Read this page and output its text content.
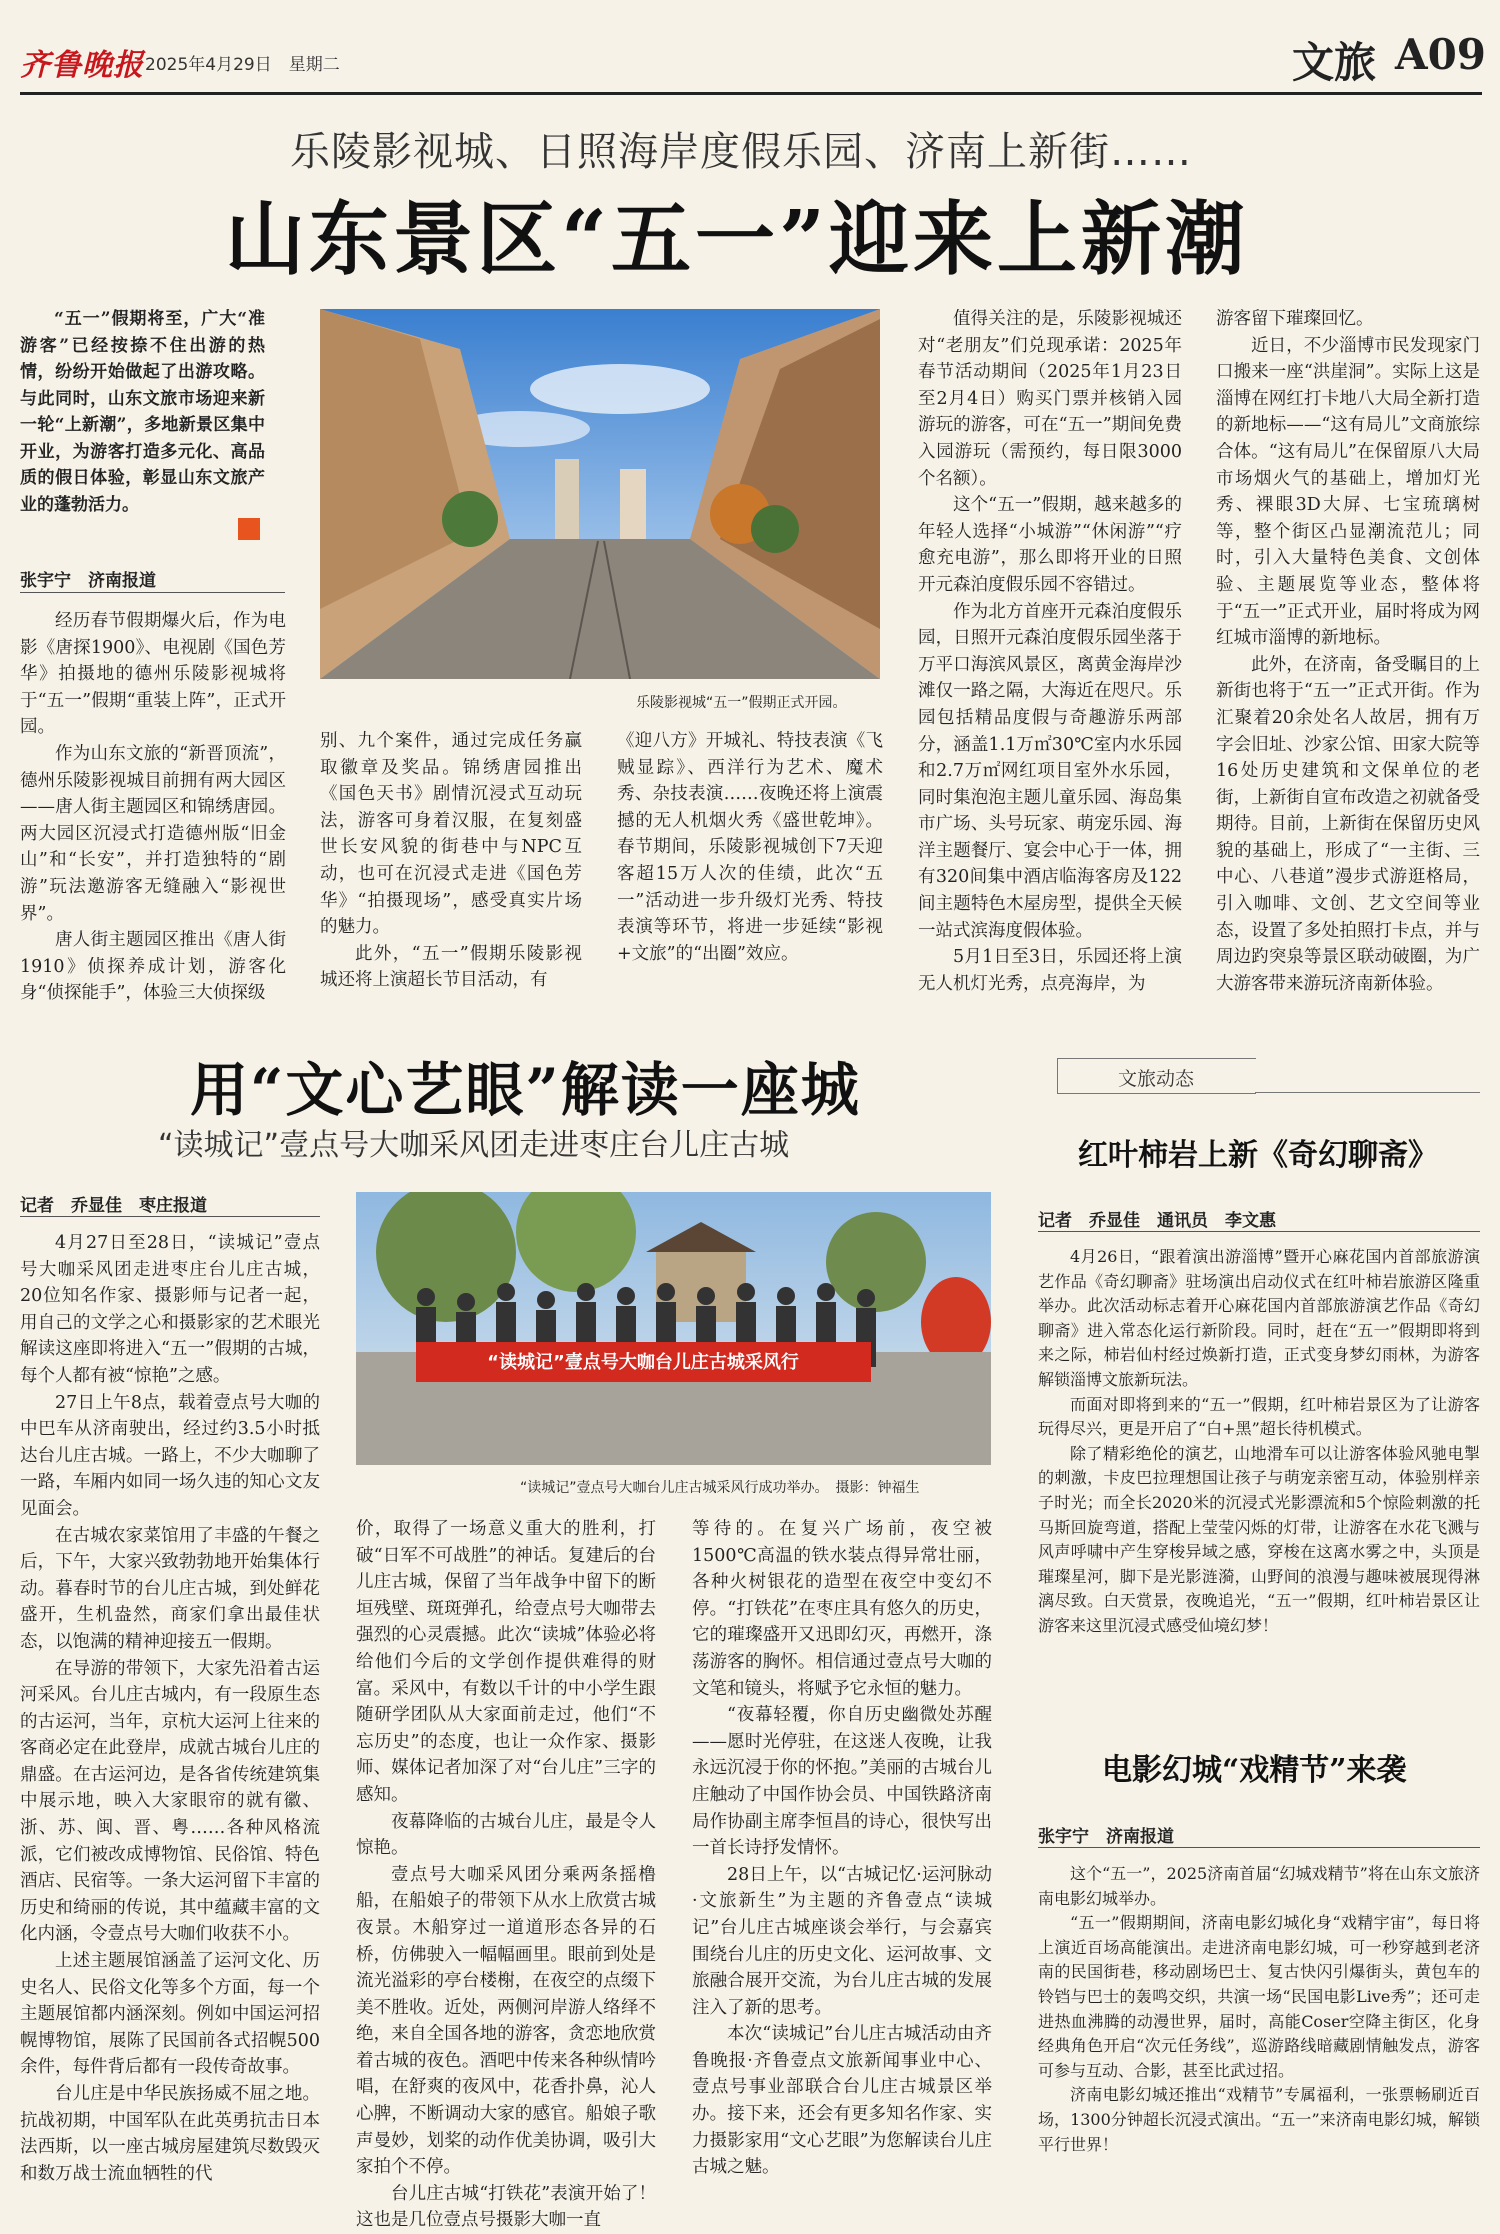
齐鲁晚报 2025年4月29日　星期二	文旅 A09
乐陵影视城、日照海岸度假乐园、济南上新街……
山东景区“五一”迎来上新潮
“五一”假期将至，广大“准游客”已经按捺不住出游的热情，纷纷开始做起了出游攻略。与此同时，山东文旅市场迎来新一轮“上新潮”，多地新景区集中开业，为游客打造多元化、高品质的假日体验，彰显山东文旅产业的蓬勃活力。
张宇宁　济南报道

经历春节假期爆火后，作为电影《唐探1900》、电视剧《国色芳华》拍摄地的德州乐陵影视城将于“五一”假期“重装上阵”，正式开园。

作为山东文旅的“新晋顶流”，德州乐陵影视城目前拥有两大园区——唐人街主题园区和锦绣唐园。两大园区沉浸式打造德州版“旧金山”和“长安”，并打造独特的“剧游”玩法邀游客无缝融入“影视世界”。

唐人街主题园区推出《唐人街1910》侦探养成计划，游客化身“侦探能手”，体验三大侦探级

乐陵影视城“五一”假期正式开园。

别、九个案件，通过完成任务赢取徽章及奖品。锦绣唐园推出《国色天书》剧情沉浸式互动玩法，游客可身着汉服，在复刻盛世长安风貌的街巷中与NPC互动，也可在沉浸式走进《国色芳华》“拍摄现场”，感受真实片场的魅力。

此外，“五一”假期乐陵影视城还将上演超长节目活动，有

《迎八方》开城礼、特技表演《飞贼显踪》、西洋行为艺术、魔术秀、杂技表演……夜晚还将上演震撼的无人机烟火秀《盛世乾坤》。春节期间，乐陵影视城创下7天迎客超15万人次的佳绩，此次“五一”活动进一步升级灯光秀、特技表演等环节，将进一步延续“影视+文旅”的“出圈”效应。

值得关注的是，乐陵影视城还对“老朋友”们兑现承诺：2025年春节活动期间（2025年1月23日至2月4日）购买门票并核销入园游玩的游客，可在“五一”期间免费入园游玩（需预约，每日限3000个名额）。

这个“五一”假期，越来越多的年轻人选择“小城游”“休闲游”“疗愈充电游”，那么即将开业的日照开元森泊度假乐园不容错过。

作为北方首座开元森泊度假乐园，日照开元森泊度假乐园坐落于万平口海滨风景区，离黄金海岸沙滩仅一路之隔，大海近在咫尺。乐园包括精品度假与奇趣游乐两部分，涵盖1.1万㎡30℃室内水乐园和2.7万㎡网红项目室外水乐园，同时集泡泡主题儿童乐园、海岛集市广场、头号玩家、萌宠乐园、海洋主题餐厅、宴会中心于一体，拥有320间集中酒店临海客房及122间主题特色木屋房型，提供全天候一站式滨海度假体验。

5月1日至3日，乐园还将上演无人机灯光秀，点亮海岸，为

游客留下璀璨回忆。

近日，不少淄博市民发现家门口搬来一座“洪崖洞”。实际上这是淄博在网红打卡地八大局全新打造的新地标——“这有局儿”文商旅综合体。“这有局儿”在保留原八大局市场烟火气的基础上，增加灯光秀、裸眼3D大屏、七宝琉璃树等，整个街区凸显潮流范儿；同时，引入大量特色美食、文创体验、主题展览等业态，整体将于“五一”正式开业，届时将成为网红城市淄博的新地标。

此外，在济南，备受瞩目的上新街也将于“五一”正式开街。作为汇聚着20余处名人故居，拥有万字会旧址、沙家公馆、田家大院等16处历史建筑和文保单位的老街，上新街自宣布改造之初就备受期待。目前，上新街在保留历史风貌的基础上，形成了“一主街、三中心、八巷道”漫步式游逛格局，引入咖啡、文创、艺文空间等业态，设置了多处拍照打卡点，并与周边趵突泉等景区联动破圈，为广大游客带来游玩济南新体验。

用“文心艺眼”解读一座城
“读城记”壹点号大咖采风团走进枣庄台儿庄古城
记者　乔显佳　枣庄报道

4月27日至28日，“读城记”壹点号大咖采风团走进枣庄台儿庄古城，20位知名作家、摄影师与记者一起，用自己的文学之心和摄影家的艺术眼光解读这座即将进入“五一”假期的古城，每个人都有被“惊艳”之感。

27日上午8点，载着壹点号大咖的中巴车从济南驶出，经过约3.5小时抵达台儿庄古城。一路上，不少大咖聊了一路，车厢内如同一场久违的知心文友见面会。

在古城农家菜馆用了丰盛的午餐之后，下午，大家兴致勃勃地开始集体行动。暮春时节的台儿庄古城，到处鲜花盛开，生机盎然，商家们拿出最佳状态，以饱满的精神迎接五一假期。

在导游的带领下，大家先沿着古运河采风。台儿庄古城内，有一段原生态的古运河，当年，京杭大运河上往来的客商必定在此登岸，成就古城台儿庄的鼎盛。在古运河边，是各省传统建筑集中展示地，映入大家眼帘的就有徽、浙、苏、闽、晋、粤……各种风格流派，它们被改成博物馆、民俗馆、特色酒店、民宿等。一条大运河留下丰富的历史和绮丽的传说，其中蕴藏丰富的文化内涵，令壹点号大咖们收获不小。

上述主题展馆涵盖了运河文化、历史名人、民俗文化等多个方面，每一个主题展馆都内涵深刻。例如中国运河招幌博物馆，展陈了民国前各式招幌500余件，每件背后都有一段传奇故事。

台儿庄是中华民族扬威不屈之地。抗战初期，中国军队在此英勇抗击日本法西斯，以一座古城房屋建筑尽数毁灭和数万战士流血牺牲的代

“读城记”壹点号大咖台儿庄古城采风行
“读城记”壹点号大咖台儿庄古城采风行成功举办。　摄影：钟福生

价，取得了一场意义重大的胜利，打破“日军不可战胜”的神话。复建后的台儿庄古城，保留了当年战争中留下的断垣残壁、斑斑弹孔，给壹点号大咖带去强烈的心灵震撼。此次“读城”体验必将给他们今后的文学创作提供难得的财富。采风中，有数以千计的中小学生跟随研学团队从大家面前走过，他们“不忘历史”的态度，也让一众作家、摄影师、媒体记者加深了对“台儿庄”三字的感知。

夜幕降临的古城台儿庄，最是令人惊艳。

壹点号大咖采风团分乘两条摇橹船，在船娘子的带领下从水上欣赏古城夜景。木船穿过一道道形态各异的石桥，仿佛驶入一幅幅画里。眼前到处是流光溢彩的亭台楼榭，在夜空的点缀下美不胜收。近处，两侧河岸游人络绎不绝，来自全国各地的游客，贪恋地欣赏着古城的夜色。酒吧中传来各种纵情吟唱，在舒爽的夜风中，花香扑鼻，沁人心脾，不断调动大家的感官。船娘子歌声曼妙，划桨的动作优美协调，吸引大家拍个不停。

台儿庄古城“打铁花”表演开始了！这也是几位壹点号摄影大咖一直

等待的。在复兴广场前，夜空被1500℃高温的铁水装点得异常壮丽，各种火树银花的造型在夜空中变幻不停。“打铁花”在枣庄具有悠久的历史，它的璀璨盛开又迅即幻灭，再燃开，涤荡游客的胸怀。相信通过壹点号大咖的文笔和镜头，将赋予它永恒的魅力。

“夜幕轻覆，你自历史幽微处苏醒——愿时光停驻，在这迷人夜晚，让我永远沉浸于你的怀抱。”美丽的古城台儿庄触动了中国作协会员、中国铁路济南局作协副主席李恒昌的诗心，很快写出一首长诗抒发情怀。

28日上午，以“古城记忆·运河脉动·文旅新生”为主题的齐鲁壹点“读城记”台儿庄古城座谈会举行，与会嘉宾围绕台儿庄的历史文化、运河故事、文旅融合展开交流，为台儿庄古城的发展注入了新的思考。

本次“读城记”台儿庄古城活动由齐鲁晚报·齐鲁壹点文旅新闻事业中心、壹点号事业部联合台儿庄古城景区举办。接下来，还会有更多知名作家、实力摄影家用“文心艺眼”为您解读台儿庄古城之魅。

文旅动态
红叶柿岩上新《奇幻聊斋》
记者　乔显佳　通讯员　李文惠

4月26日，“跟着演出游淄博”暨开心麻花国内首部旅游演艺作品《奇幻聊斋》驻场演出启动仪式在红叶柿岩旅游区隆重举办。此次活动标志着开心麻花国内首部旅游演艺作品《奇幻聊斋》进入常态化运行新阶段。同时，赶在“五一”假期即将到来之际，柿岩仙村经过焕新打造，正式变身梦幻雨林，为游客解锁淄博文旅新玩法。

而面对即将到来的“五一”假期，红叶柿岩景区为了让游客玩得尽兴，更是开启了“白+黑”超长待机模式。

除了精彩绝伦的演艺，山地滑车可以让游客体验风驰电掣的刺激，卡皮巴拉理想国让孩子与萌宠亲密互动，体验别样亲子时光；而全长2020米的沉浸式光影漂流和5个惊险刺激的托马斯回旋弯道，搭配上莹莹闪烁的灯带，让游客在水花飞溅与风声呼啸中产生穿梭异域之感，穿梭在这离水雾之中，头顶是璀璨星河，脚下是光影涟漪，山野间的浪漫与趣味被展现得淋漓尽致。白天赏景，夜晚追光，“五一”假期，红叶柿岩景区让游客来这里沉浸式感受仙境幻梦！

电影幻城“戏精节”来袭
张宇宁　济南报道

这个“五一”，2025济南首届“幻城戏精节”将在山东文旅济南电影幻城举办。

“五一”假期期间，济南电影幻城化身“戏精宇宙”，每日将上演近百场高能演出。走进济南电影幻城，可一秒穿越到老济南的民国街巷，移动剧场巴士、复古快闪引爆街头，黄包车的铃铛与巴士的轰鸣交织，共演一场“民国电影Live秀”；还可走进热血沸腾的动漫世界，届时，高能Coser空降主街区，化身经典角色开启“次元任务线”，巡游路线暗藏剧情触发点，游客可参与互动、合影，甚至比武过招。

济南电影幻城还推出“戏精节”专属福利，一张票畅刷近百场，1300分钟超长沉浸式演出。“五一”来济南电影幻城，解锁平行世界！
